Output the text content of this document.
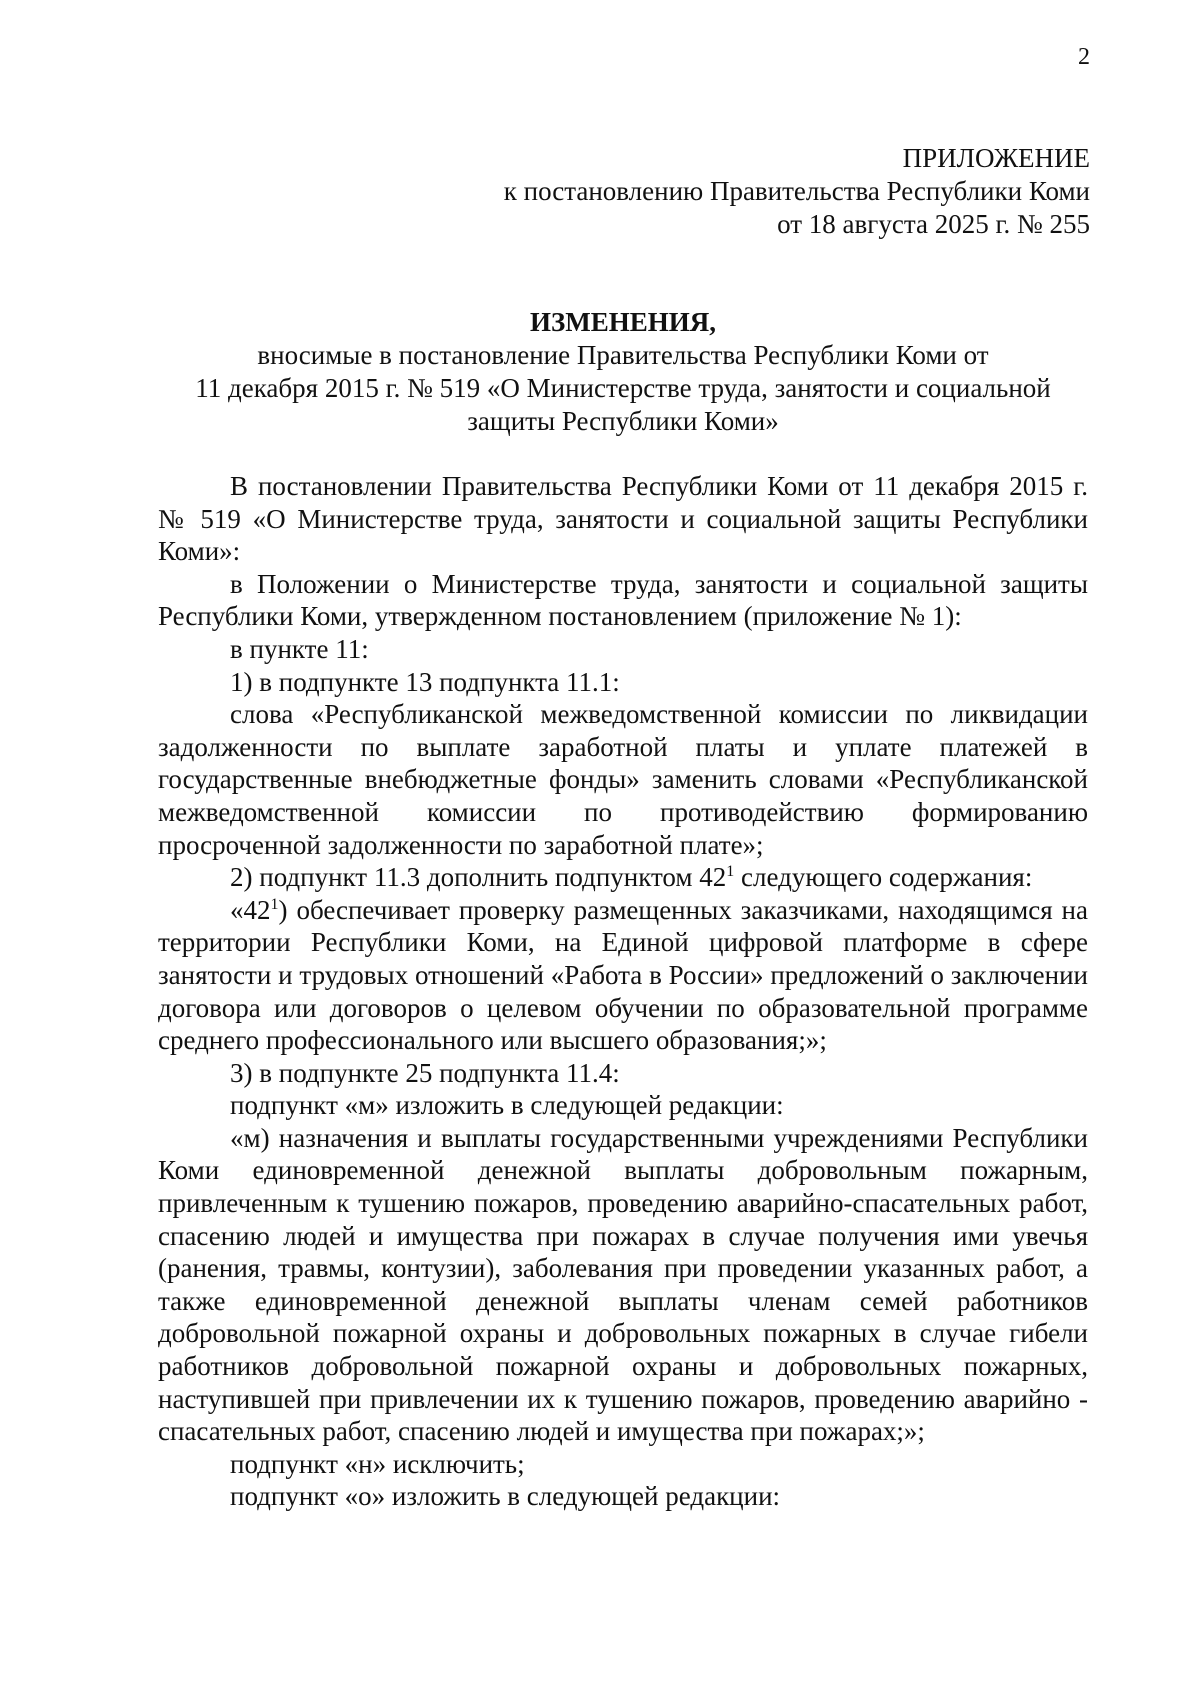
2
ПРИЛОЖЕНИЕ
к постановлению Правительства Республики Коми
от 18 августа 2025 г. № 255
ИЗМЕНЕНИЯ,
вносимые в постановление Правительства Республики Коми от
11 декабря 2015 г. № 519 «О Министерстве труда, занятости и социальной
защиты Республики Коми»

В постановлении Правительства Республики Коми от 11 декабря 2015 г. № 519 «О Министерстве труда, занятости и социальной защиты Республики Коми»:

в Положении о Министерстве труда, занятости и социальной защиты Республики Коми, утвержденном постановлением (приложение № 1):

в пункте 11:

1) в подпункте 13 подпункта 11.1:

слова «Республиканской межведомственной комиссии по ликвидации задолженности по выплате заработной платы и уплате платежей в государственные внебюджетные фонды» заменить словами «Республиканской межведомственной комиссии по противодействию формированию просроченной задолженности по заработной плате»;

2) подпункт 11.3 дополнить подпунктом $42^1$ следующего содержания:

«$42^1$) обеспечивает проверку размещенных заказчиками, находящимся на территории Республики Коми, на Единой цифровой платформе в сфере занятости и трудовых отношений «Работа в России» предложений о заключении договора или договоров о целевом обучении по образовательной программе среднего профессионального или высшего образования;»;

3) в подпункте 25 подпункта 11.4:

подпункт «м» изложить в следующей редакции:

«м) назначения и выплаты государственными учреждениями Республики Коми единовременной денежной выплаты добровольным пожарным, привлеченным к тушению пожаров, проведению аварийно-спасательных работ, спасению людей и имущества при пожарах в случае получения ими увечья (ранения, травмы, контузии), заболевания при проведении указанных работ, а также единовременной денежной выплаты членам семей работников добровольной пожарной охраны и добровольных пожарных в случае гибели работников добровольной пожарной охраны и добровольных пожарных, наступившей при привлечении их к тушению пожаров, проведению аварийно - спасательных работ, спасению людей и имущества при пожарах;»;

подпункт «н» исключить;

подпункт «о» изложить в следующей редакции:
